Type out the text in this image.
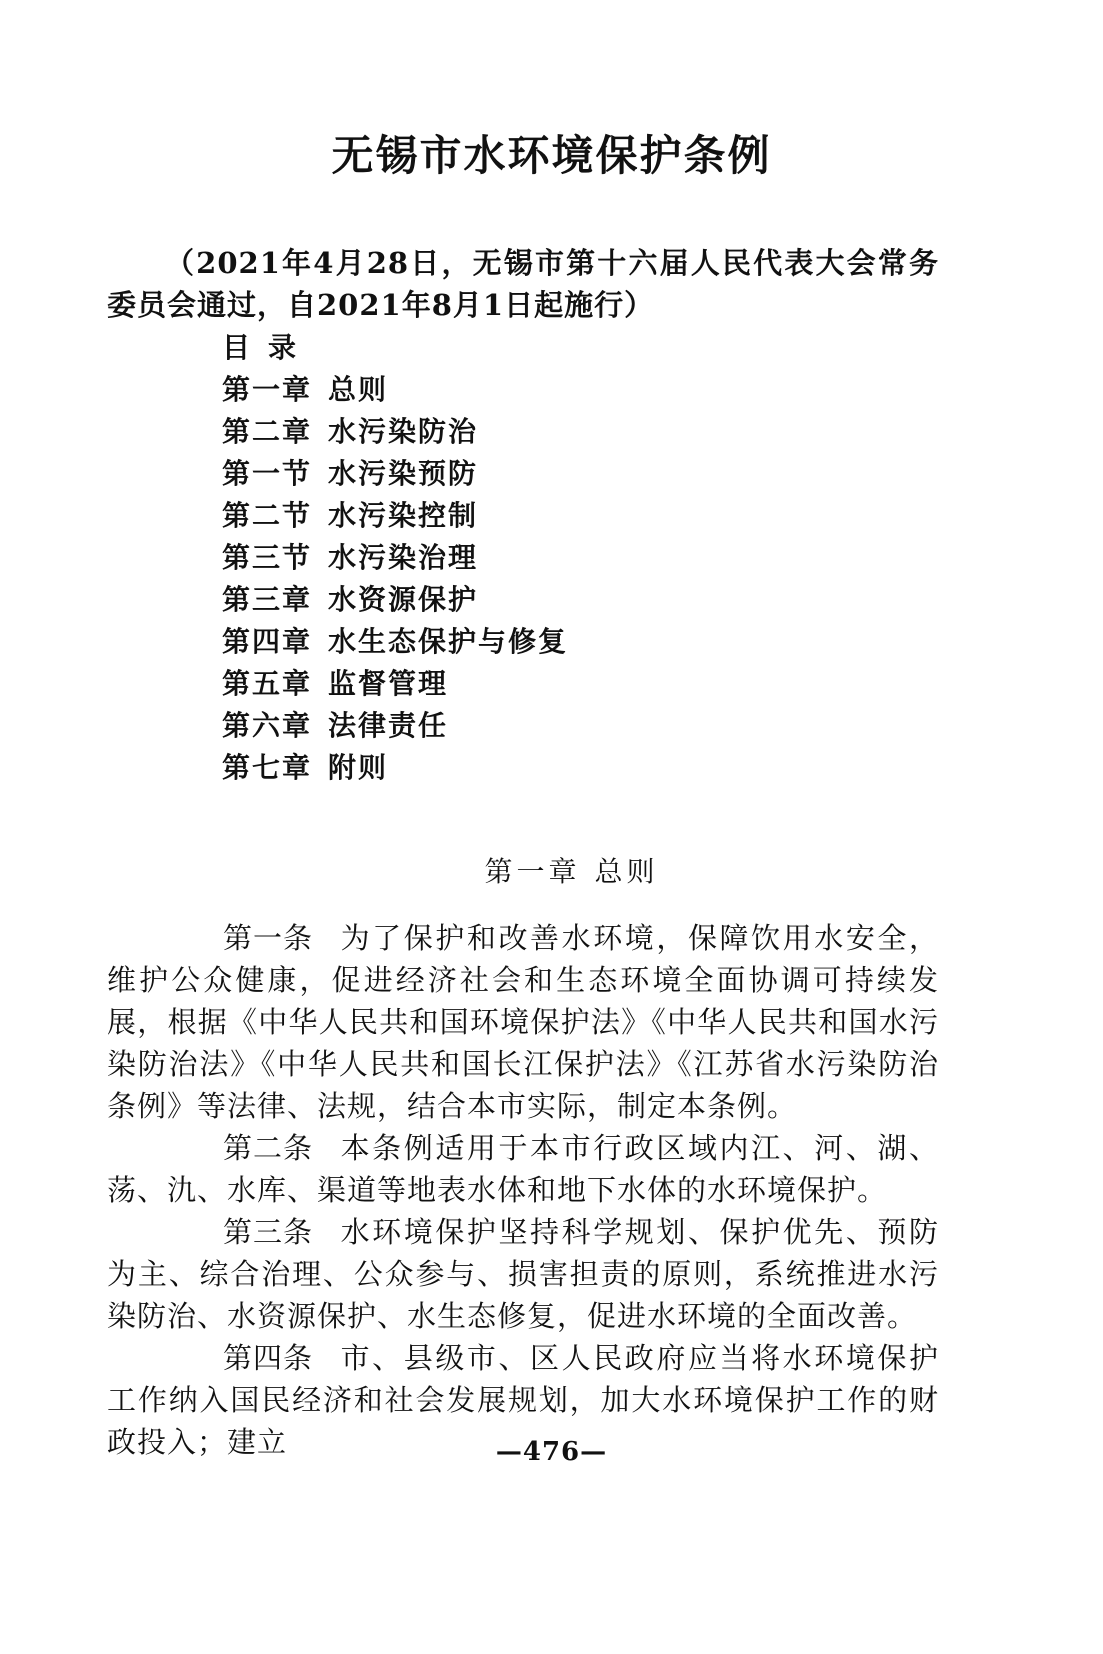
无锡市水环境保护条例

（2021年4月28日，无锡市第十六届人民代表大会常务委员会通过，自2021年8月1日起施行）

目录
第一章 总则
第二章 水污染防治
第一节 水污染预防
第二节 水污染控制
第三节 水污染治理
第三章 水资源保护
第四章 水生态保护与修复
第五章 监督管理
第六章 法律责任
第七章 附则
第一章 总则

第一条 为了保护和改善水环境，保障饮用水安全，维护公众健康，促进经济社会和生态环境全面协调可持续发展，根据《中华人民共和国环境保护法》《中华人民共和国水污染防治法》《中华人民共和国长江保护法》《江苏省水污染防治条例》等法律、法规，结合本市实际，制定本条例。

第二条 本条例适用于本市行政区域内江、河、湖、荡、氿、水库、渠道等地表水体和地下水体的水环境保护。

第三条 水环境保护坚持科学规划、保护优先、预防为主、综合治理、公众参与、损害担责的原则，系统推进水污染防治、水资源保护、水生态修复，促进水环境的全面改善。

第四条 市、县级市、区人民政府应当将水环境保护工作纳入国民经济和社会发展规划，加大水环境保护工作的财政投入；建立	—476—
